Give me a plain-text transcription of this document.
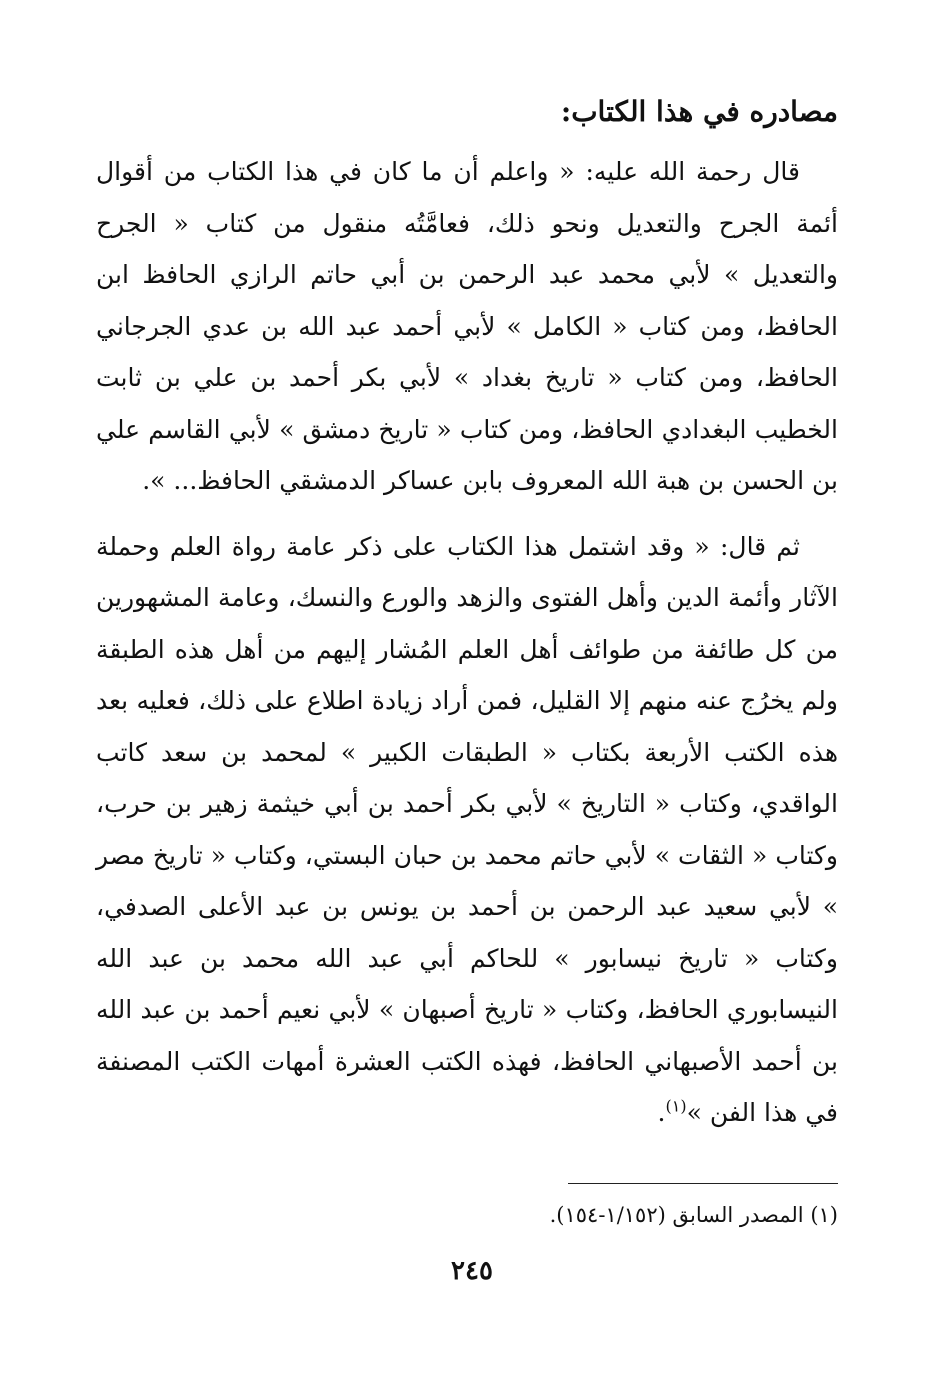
مصادره في هذا الكتاب:

قال رحمة الله عليه: « واعلم أن ما كان في هذا الكتاب من أقوال أئمة الجرح والتعديل ونحو ذلك، فعامَّتُه منقول من كتاب « الجرح والتعديل » لأبي محمد عبد الرحمن بن أبي حاتم الرازي الحافظ ابن الحافظ، ومن كتاب « الكامل » لأبي أحمد عبد الله بن عدي الجرجاني الحافظ، ومن كتاب « تاريخ بغداد » لأبي بكر أحمد بن علي بن ثابت الخطيب البغدادي الحافظ، ومن كتاب « تاريخ دمشق » لأبي القاسم علي بن الحسن بن هبة الله المعروف بابن عساكر الدمشقي الحافظ... ».

ثم قال: « وقد اشتمل هذا الكتاب على ذكر عامة رواة العلم وحملة الآثار وأئمة الدين وأهل الفتوى والزهد والورع والنسك، وعامة المشهورين من كل طائفة من طوائف أهل العلم المُشار إليهم من أهل هذه الطبقة ولم يخرُج عنه منهم إلا القليل، فمن أراد زيادة اطلاع على ذلك، فعليه بعد هذه الكتب الأربعة بكتاب « الطبقات الكبير » لمحمد بن سعد كاتب الواقدي، وكتاب « التاريخ » لأبي بكر أحمد بن أبي خيثمة زهير بن حرب، وكتاب « الثقات » لأبي حاتم محمد بن حبان البستي، وكتاب « تاريخ مصر » لأبي سعيد عبد الرحمن بن أحمد بن يونس بن عبد الأعلى الصدفي، وكتاب « تاريخ نيسابور » للحاكم أبي عبد الله محمد بن عبد الله النيسابوري الحافظ، وكتاب « تاريخ أصبهان » لأبي نعيم أحمد بن عبد الله بن أحمد الأصبهاني الحافظ، فهذه الكتب العشرة أمهات الكتب المصنفة في هذا الفن »$^{(١)}$.

(١) المصدر السابق (١/١٥٢-١٥٤).
٢٤٥
